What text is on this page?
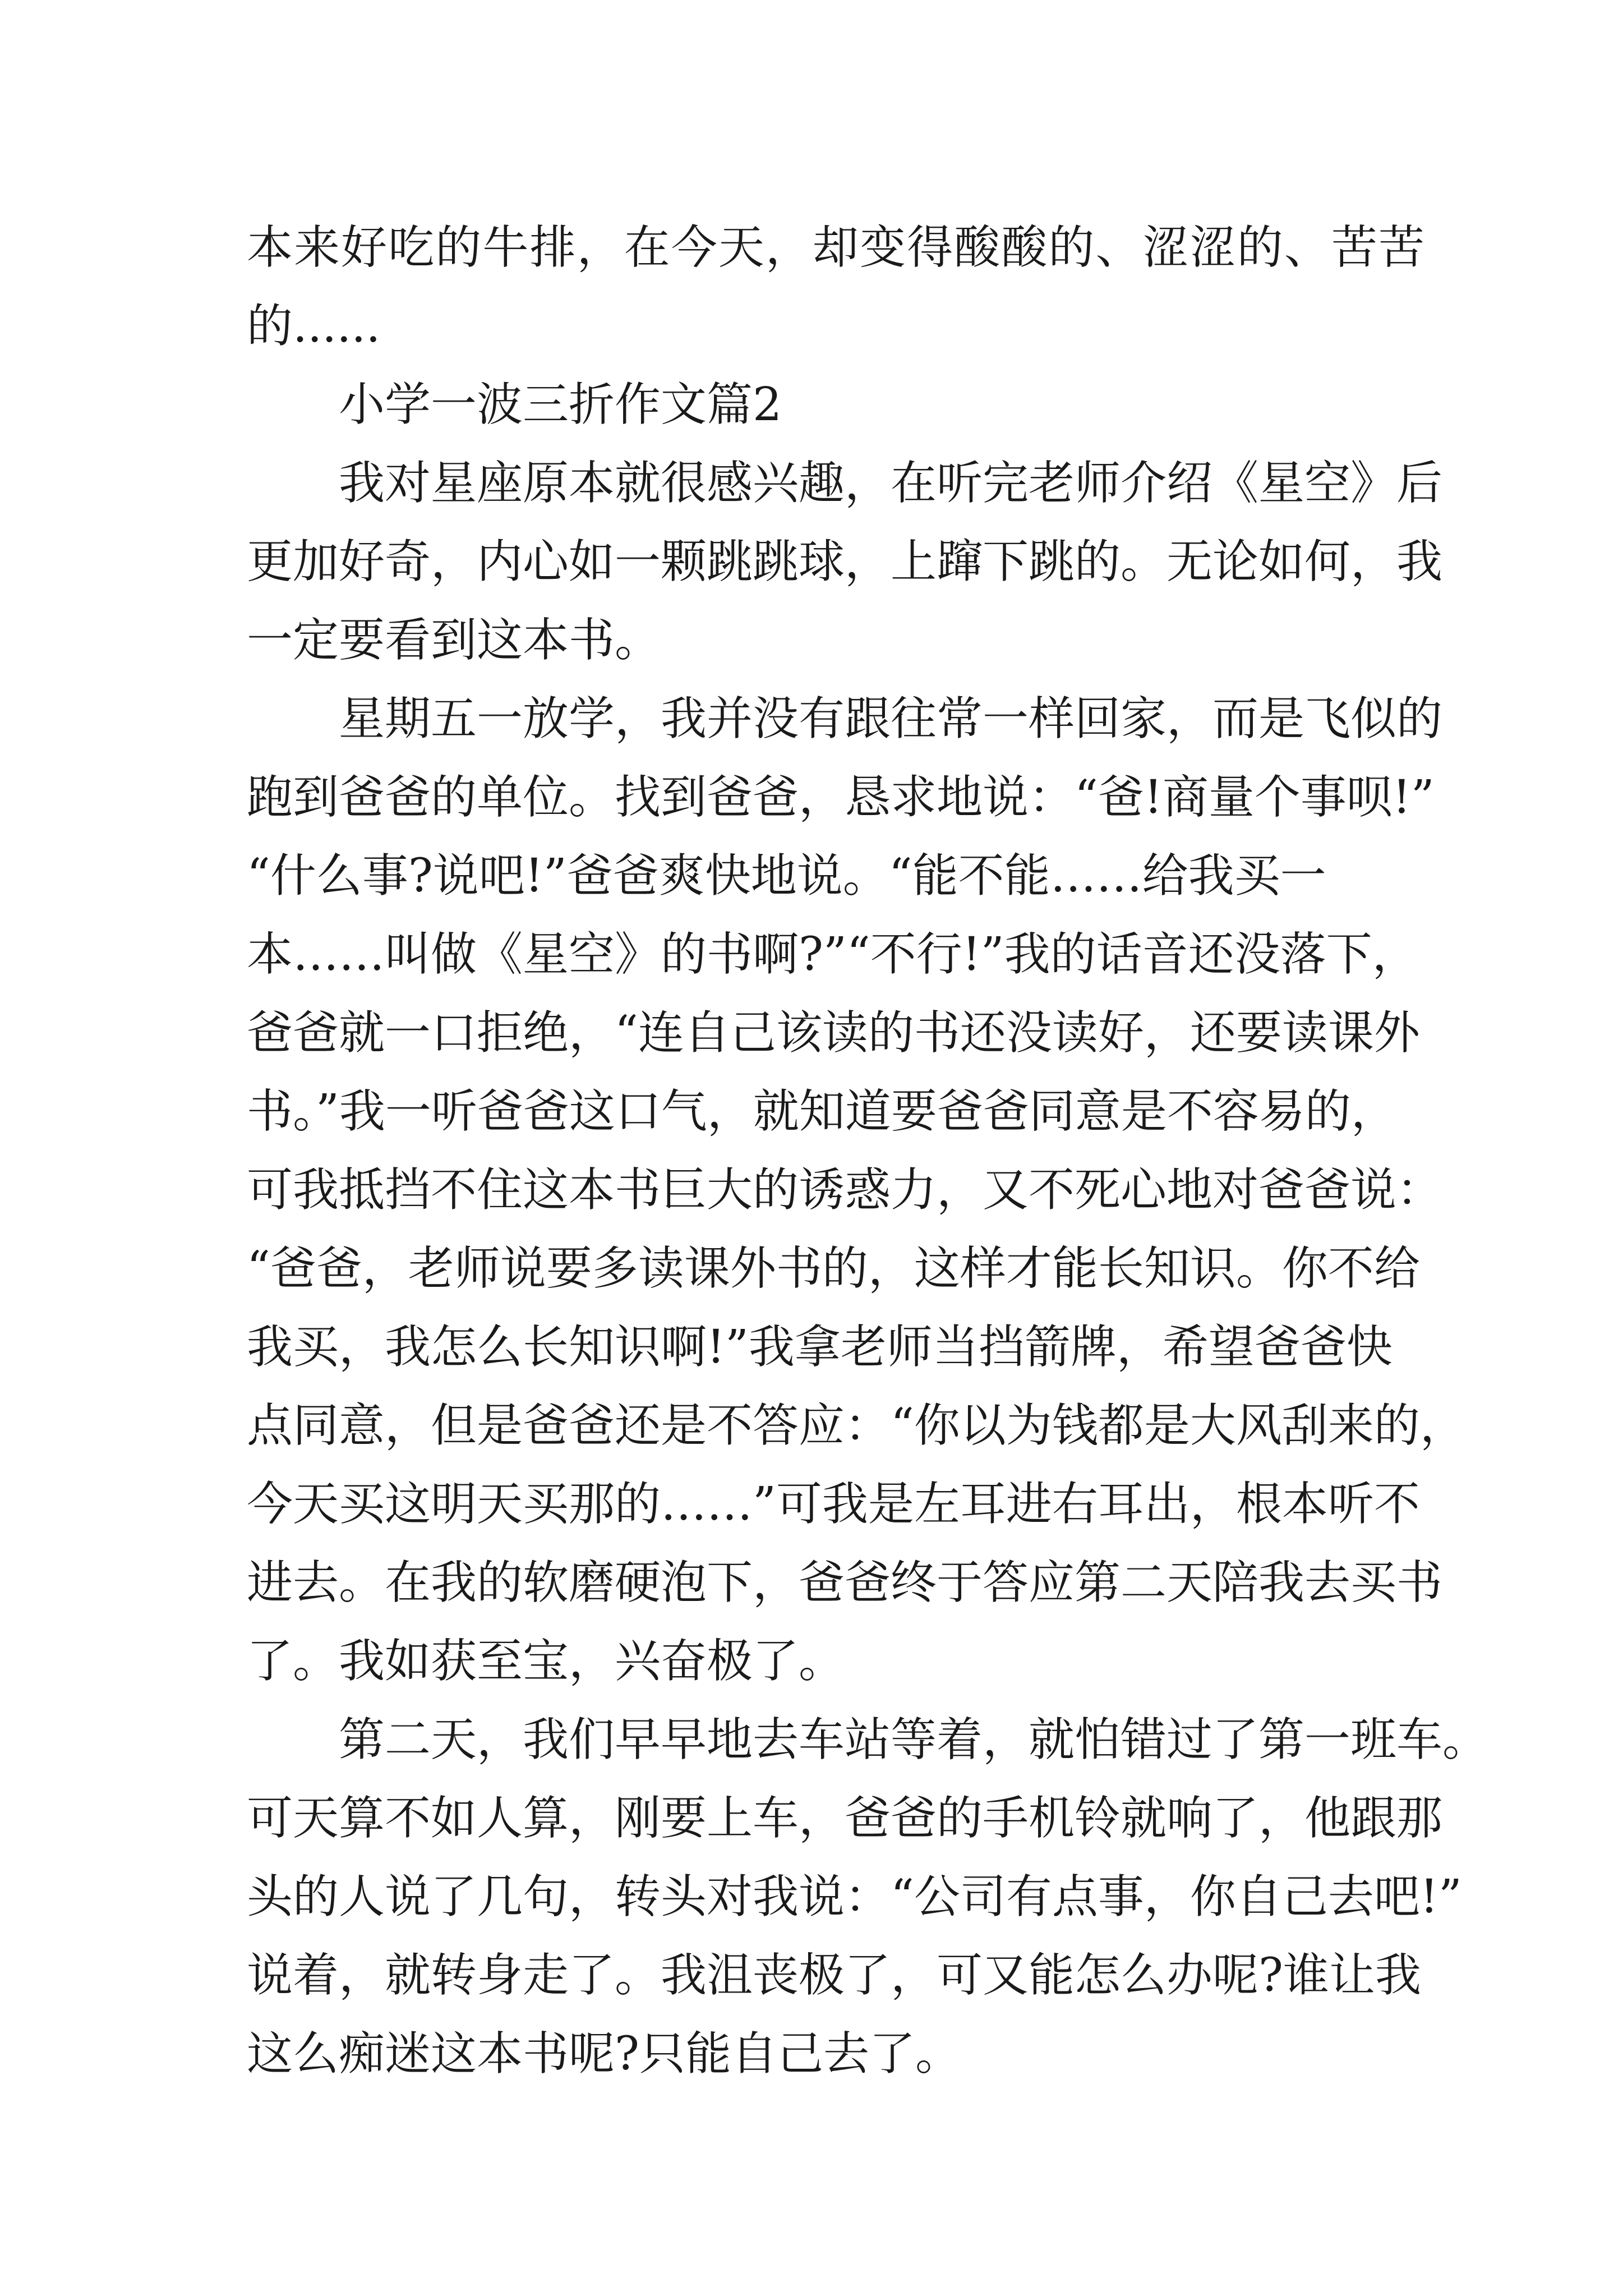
本来好吃的牛排，在今天，却变得酸酸的、涩涩的、苦苦
的......
小学一波三折作文篇2
我对星座原本就很感兴趣，在听完老师介绍《星空》后
更加好奇，内心如一颗跳跳球，上蹿下跳的。无论如何，我
一定要看到这本书。
星期五一放学，我并没有跟往常一样回家，而是飞似的
跑到爸爸的单位。找到爸爸，恳求地说：“爸!商量个事呗!”
“什么事?说吧!”爸爸爽快地说。“能不能……给我买一
本……叫做《星空》的书啊?”“不行!”我的话音还没落下，
爸爸就一口拒绝，“连自己该读的书还没读好，还要读课外
书。”我一听爸爸这口气，就知道要爸爸同意是不容易的，
可我抵挡不住这本书巨大的诱惑力，又不死心地对爸爸说：
“爸爸，老师说要多读课外书的，这样才能长知识。你不给
我买，我怎么长知识啊!”我拿老师当挡箭牌，希望爸爸快
点同意，但是爸爸还是不答应：“你以为钱都是大风刮来的，
今天买这明天买那的……”可我是左耳进右耳出，根本听不
进去。在我的软磨硬泡下，爸爸终于答应第二天陪我去买书
了。我如获至宝，兴奋极了。
第二天，我们早早地去车站等着，就怕错过了第一班车。
可天算不如人算，刚要上车，爸爸的手机铃就响了，他跟那
头的人说了几句，转头对我说：“公司有点事，你自己去吧!”
说着，就转身走了。我沮丧极了，可又能怎么办呢?谁让我
这么痴迷这本书呢?只能自己去了。
